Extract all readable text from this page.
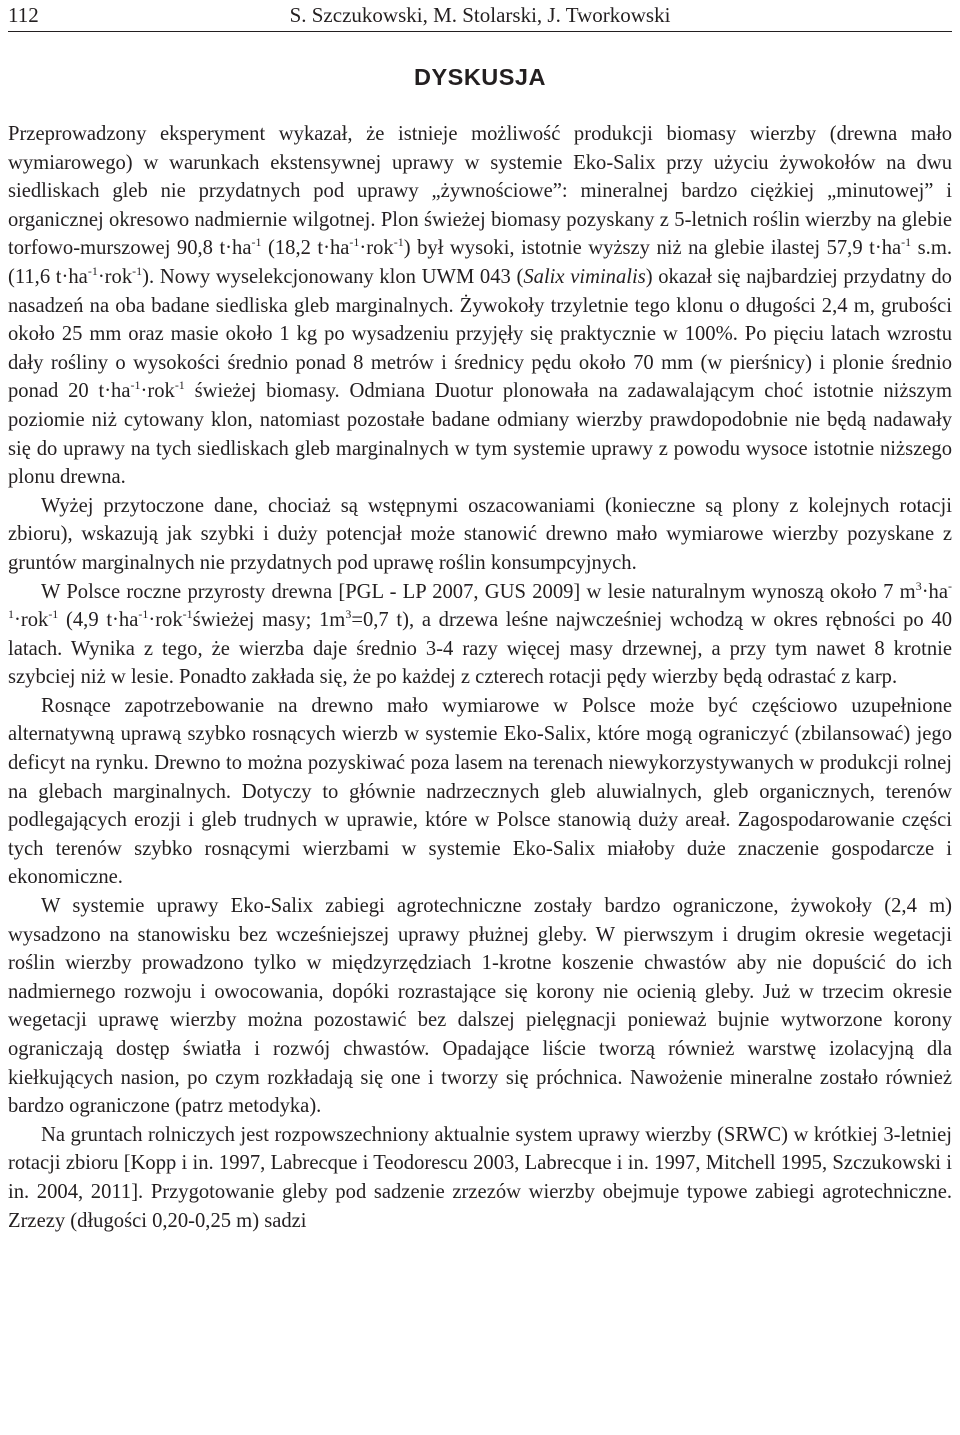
112	S. Szczukowski, M. Stolarski, J. Tworkowski
DYSKUSJA

Przeprowadzony eksperyment wykazał, że istnieje możliwość produkcji biomasy wierzby (drewna mało wymiarowego) w warunkach ekstensywnej uprawy w systemie Eko-Salix przy użyciu żywokołów na dwu siedliskach gleb nie przydatnych pod uprawy „żywnościowe”: mineralnej bardzo ciężkiej „minutowej” i organicznej okresowo nadmiernie wilgotnej. Plon świeżej biomasy pozyskany z 5-letnich roślin wierzby na glebie torfowo-murszowej 90,8 $t\cdot ha^{-1}$ (18,2 $t\cdot ha^{-1}\cdot rok^{-1}$) był wysoki, istotnie wyższy niż na glebie ilastej 57,9 $t\cdot ha^{-1}$ s.m. (11,6 $t\cdot ha^{-1}\cdot rok^{-1}$). Nowy wyselekcjonowany klon UWM 043 (Salix viminalis) okazał się najbardziej przydatny do nasadzeń na oba badane siedliska gleb marginalnych. Żywokoły trzyletnie tego klonu o długości 2,4 m, grubości około 25 mm oraz masie około 1 kg po wysadzeniu przyjęły się praktycznie w 100%. Po pięciu latach wzrostu dały rośliny o wysokości średnio ponad 8 metrów i średnicy pędu około 70 mm (w pierśnicy) i plonie średnio ponad 20 $t\cdot ha^{-1}\cdot rok^{-1}$ świeżej biomasy. Odmiana Duotur plonowała na zadawalającym choć istotnie niższym poziomie niż cytowany klon, natomiast pozostałe badane odmiany wierzby prawdopodobnie nie będą nadawały się do uprawy na tych siedliskach gleb marginalnych w tym systemie uprawy z powodu wysoce istotnie niższego plonu drewna.

Wyżej przytoczone dane, chociaż są wstępnymi oszacowaniami (konieczne są plony z kolejnych rotacji zbioru), wskazują jak szybki i duży potencjał może stanowić drewno mało wymiarowe wierzby pozyskane z gruntów marginalnych nie przydatnych pod uprawę roślin konsumpcyjnych.

W Polsce roczne przyrosty drewna [PGL - LP 2007, GUS 2009] w lesie naturalnym wynoszą około 7 $m^3\cdot ha^{-1}\cdot rok^{-1}$ (4,9 $t\cdot ha^{-1}\cdot rok^{-1}świeżej$ masy; $1m^3=0,7$ t), a drzewa leśne najwcześniej wchodzą w okres rębności po 40 latach. Wynika z tego, że wierzba daje średnio 3-4 razy więcej masy drzewnej, a przy tym nawet 8 krotnie szybciej niż w lesie. Ponadto zakłada się, że po każdej z czterech rotacji pędy wierzby będą odrastać z karp.

Rosnące zapotrzebowanie na drewno mało wymiarowe w Polsce może być częściowo uzupełnione alternatywną uprawą szybko rosnących wierzb w systemie Eko-Salix, które mogą ograniczyć (zbilansować) jego deficyt na rynku. Drewno to można pozyskiwać poza lasem na terenach niewykorzystywanych w produkcji rolnej na glebach marginalnych. Dotyczy to głównie nadrzecznych gleb aluwialnych, gleb organicznych, terenów podlegających erozji i gleb trudnych w uprawie, które w Polsce stanowią duży areał. Zagospodarowanie części tych terenów szybko rosnącymi wierzbami w systemie Eko-Salix miałoby duże znaczenie gospodarcze i ekonomiczne.

W systemie uprawy Eko-Salix zabiegi agrotechniczne zostały bardzo ograniczone, żywokoły (2,4 m) wysadzono na stanowisku bez wcześniejszej uprawy płużnej gleby. W pierwszym i drugim okresie wegetacji roślin wierzby prowadzono tylko w międzyrzędziach 1-krotne koszenie chwastów aby nie dopuścić do ich nadmiernego rozwoju i owocowania, dopóki rozrastające się korony nie ocienią gleby. Już w trzecim okresie wegetacji uprawę wierzby można pozostawić bez dalszej pielęgnacji ponieważ bujnie wytworzone korony ograniczają dostęp światła i rozwój chwastów. Opadające liście tworzą również warstwę izolacyjną dla kiełkujących nasion, po czym rozkładają się one i tworzy się próchnica. Nawożenie mineralne zostało również bardzo ograniczone (patrz metodyka).

Na gruntach rolniczych jest rozpowszechniony aktualnie system uprawy wierzby (SRWC) w krótkiej 3-letniej rotacji zbioru [Kopp i in. 1997, Labrecque i Teodorescu 2003, Labrecque i in. 1997, Mitchell 1995, Szczukowski i in. 2004, 2011]. Przygotowanie gleby pod sadzenie zrzezów wierzby obejmuje typowe zabiegi agrotechniczne. Zrzezy (długości 0,20-0,25 m) sadzi
